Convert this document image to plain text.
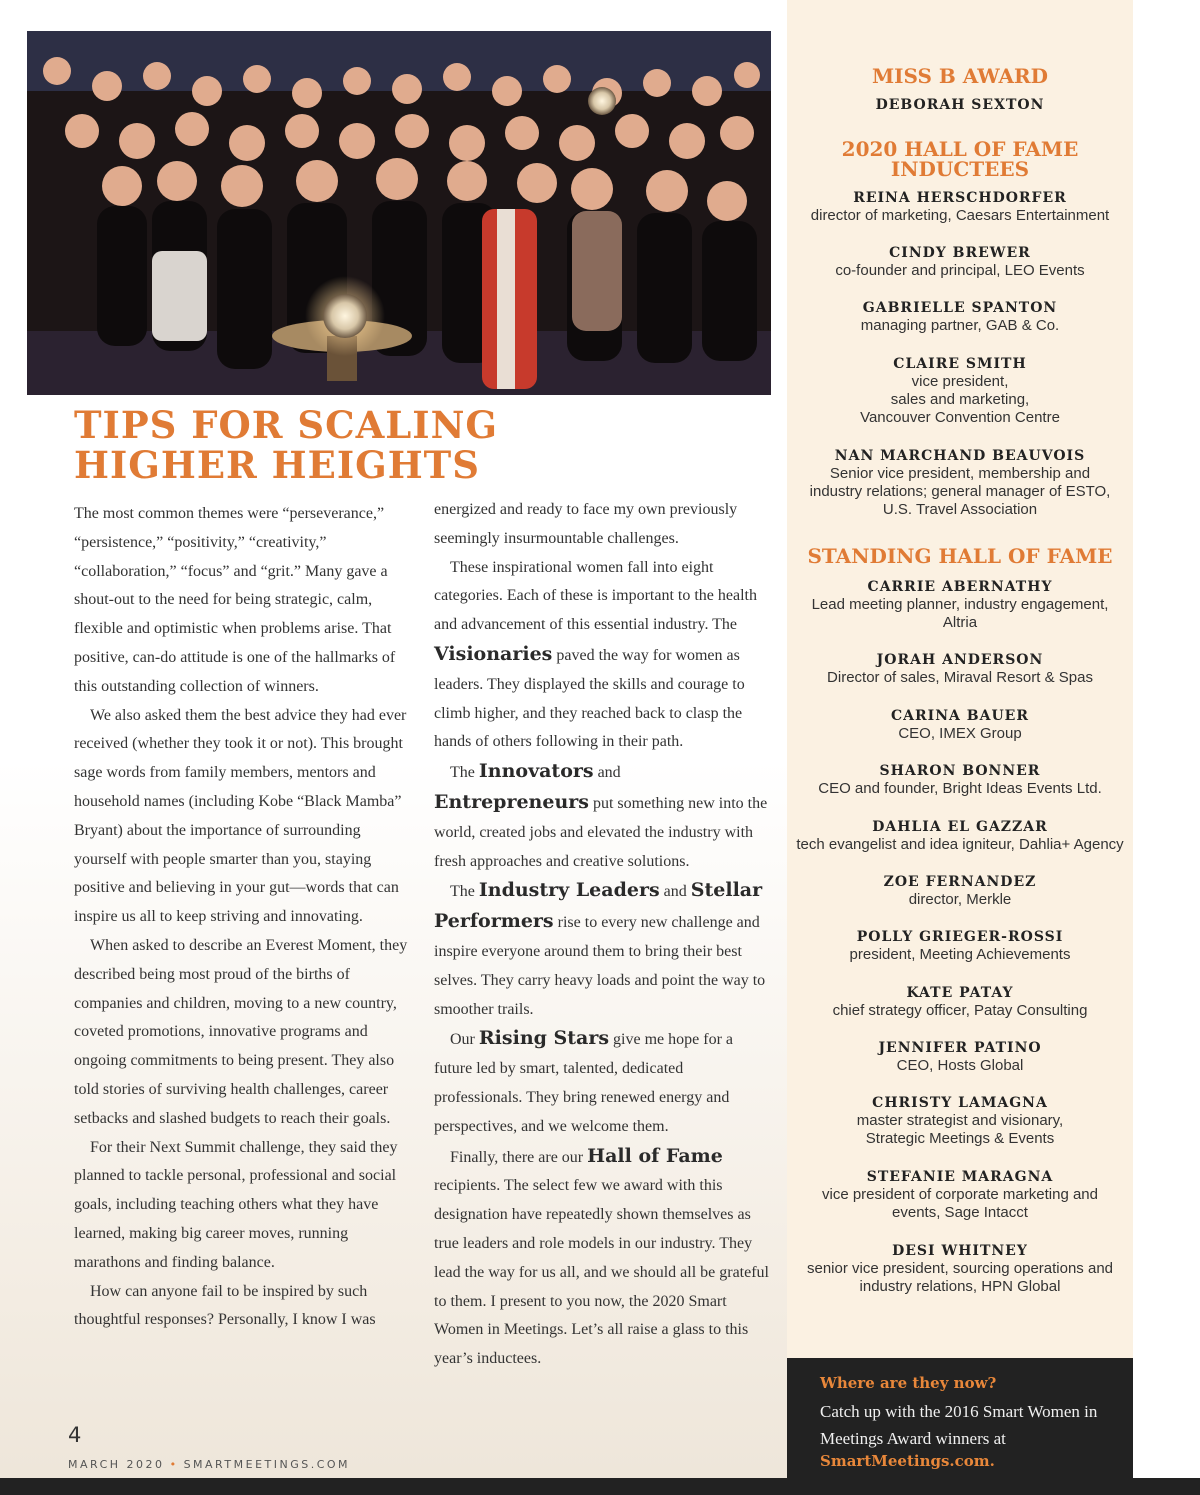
TIPS FOR SCALING
HIGHER HEIGHTS

The most common themes were “perseverance,” “persistence,” “positivity,” “creativity,” “collaboration,” “focus” and “grit.” Many gave a shout-out to the need for being strategic, calm, flexible and optimistic when problems arise. That positive, can-do attitude is one of the hallmarks of this outstanding collection of winners.

We also asked them the best advice they had ever received (whether they took it or not). This brought sage words from family members, mentors and household names (including Kobe “Black Mamba” Bryant) about the importance of surrounding yourself with people smarter than you, staying positive and believing in your gut—words that can inspire us all to keep striving and innovating.

When asked to describe an Everest Moment, they described being most proud of the births of companies and children, moving to a new country, coveted promotions, innovative programs and ongoing commitments to being present. They also told stories of surviving health challenges, career setbacks and slashed budgets to reach their goals.

For their Next Summit challenge, they said they planned to tackle personal, professional and social goals, including teaching others what they have learned, making big career moves, running marathons and finding balance.

How can anyone fail to be inspired by such thoughtful responses? Personally, I know I was

energized and ready to face my own previously seemingly insurmountable challenges.

These inspirational women fall into eight categories. Each of these is important to the health and advancement of this essential industry. The Visionaries paved the way for women as leaders. They displayed the skills and courage to climb higher, and they reached back to clasp the hands of others following in their path.

The Innovators and Entrepreneurs put something new into the world, created jobs and elevated the industry with fresh approaches and creative solutions.

The Industry Leaders and Stellar Performers rise to every new challenge and inspire everyone around them to bring their best selves. They carry heavy loads and point the way to smoother trails.

Our Rising Stars give me hope for a future led by smart, talented, dedicated professionals. They bring renewed energy and perspectives, and we welcome them.

Finally, there are our Hall of Fame recipients. The select few we award with this designation have repeatedly shown themselves as true leaders and role models in our industry. They lead the way for us all, and we should all be grateful to them. I present to you now, the 2020 Smart Women in Meetings. Let’s all raise a glass to this year’s inductees.

4
MARCH 2020 • SMARTMEETINGS.COM
MISS B AWARD
DEBORAH SEXTON
2020 HALL OF FAME
INDUCTEES
REINA HERSCHDORFER
director of marketing, Caesars Entertainment
CINDY BREWER
co-founder and principal, LEO Events
GABRIELLE SPANTON
managing partner, GAB & Co.
CLAIRE SMITH
vice president,
sales and marketing,
Vancouver Convention Centre
NAN MARCHAND BEAUVOIS
Senior vice president, membership and
industry relations; general manager of ESTO,
U.S. Travel Association
STANDING HALL OF FAME
CARRIE ABERNATHY
Lead meeting planner, industry engagement,
Altria
JORAH ANDERSON
Director of sales, Miraval Resort & Spas
CARINA BAUER
CEO, IMEX Group
SHARON BONNER
CEO and founder, Bright Ideas Events Ltd.
DAHLIA EL GAZZAR
tech evangelist and idea igniteur, Dahlia+ Agency
ZOE FERNANDEZ
director, Merkle
POLLY GRIEGER-ROSSI
president, Meeting Achievements
KATE PATAY
chief strategy officer, Patay Consulting
JENNIFER PATINO
CEO, Hosts Global
CHRISTY LAMAGNA
master strategist and visionary,
Strategic Meetings & Events
STEFANIE MARAGNA
vice president of corporate marketing and
events, Sage Intacct
DESI WHITNEY
senior vice president, sourcing operations and
industry relations, HPN Global
Where are they now?
Catch up with the 2016 Smart Women in Meetings Award winners at
SmartMeetings.com.
